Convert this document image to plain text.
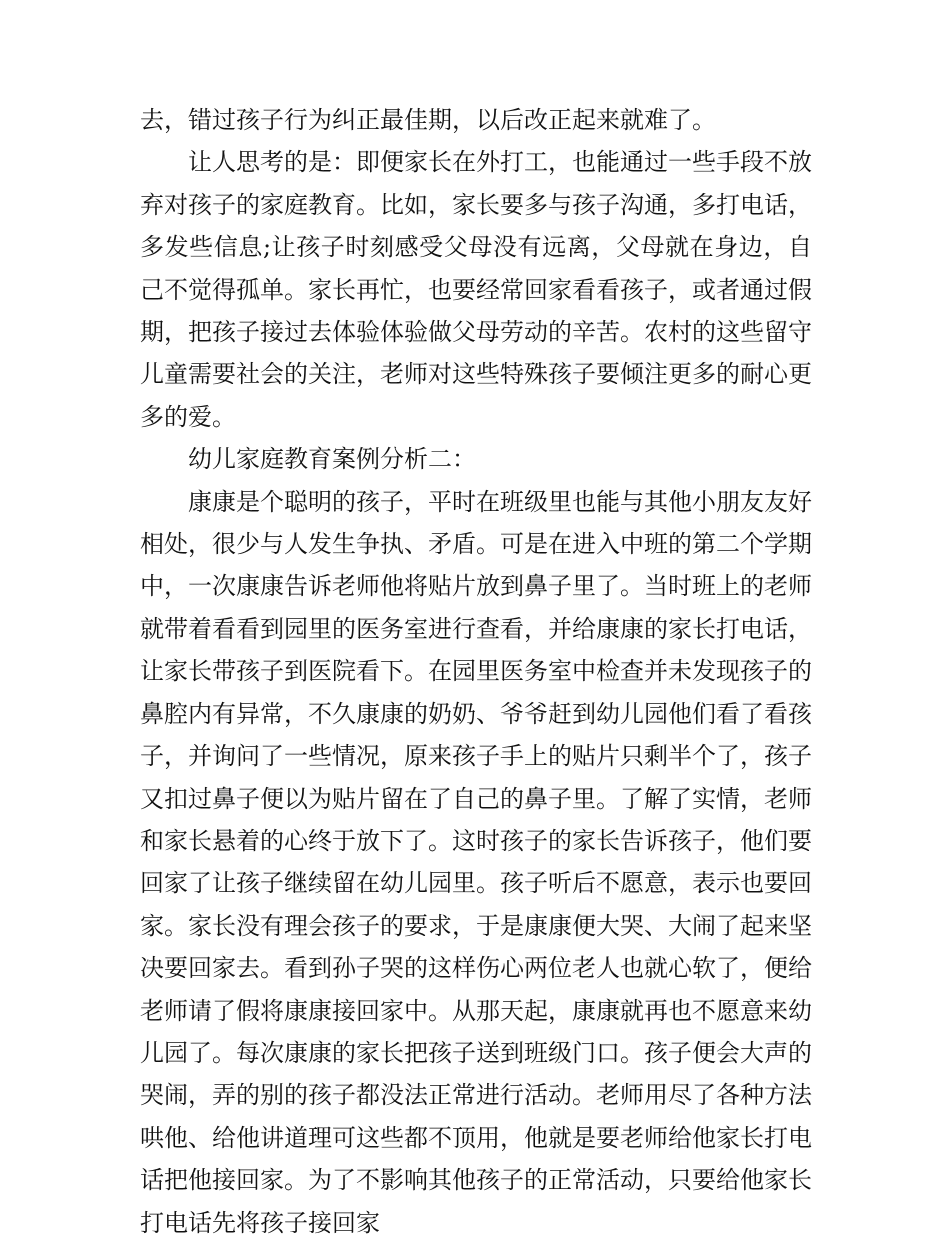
去，错过孩子行为纠正最佳期，以后改正起来就难了。

让人思考的是：即便家长在外打工，也能通过一些手段不放弃对孩子的家庭教育。比如，家长要多与孩子沟通，多打电话，多发些信息;让孩子时刻感受父母没有远离，父母就在身边，自己不觉得孤单。家长再忙，也要经常回家看看孩子，或者通过假期，把孩子接过去体验体验做父母劳动的辛苦。农村的这些留守儿童需要社会的关注，老师对这些特殊孩子要倾注更多的耐心更多的爱。

幼儿家庭教育案例分析二：

康康是个聪明的孩子，平时在班级里也能与其他小朋友友好相处，很少与人发生争执、矛盾。可是在进入中班的第二个学期中，一次康康告诉老师他将贴片放到鼻子里了。当时班上的老师就带着看看到园里的医务室进行查看，并给康康的家长打电话，让家长带孩子到医院看下。在园里医务室中检查并未发现孩子的鼻腔内有异常，不久康康的奶奶、爷爷赶到幼儿园他们看了看孩子，并询问了一些情况，原来孩子手上的贴片只剩半个了，孩子又扣过鼻子便以为贴片留在了自己的鼻子里。了解了实情，老师和家长悬着的心终于放下了。这时孩子的家长告诉孩子，他们要回家了让孩子继续留在幼儿园里。孩子听后不愿意，表示也要回家。家长没有理会孩子的要求，于是康康便大哭、大闹了起来坚决要回家去。看到孙子哭的这样伤心两位老人也就心软了，便给老师请了假将康康接回家中。从那天起，康康就再也不愿意来幼儿园了。每次康康的家长把孩子送到班级门口。孩子便会大声的哭闹，弄的别的孩子都没法正常进行活动。老师用尽了各种方法哄他、给他讲道理可这些都不顶用，他就是要老师给他家长打电话把他接回家。为了不影响其他孩子的正常活动，只要给他家长打电话先将孩子接回家
